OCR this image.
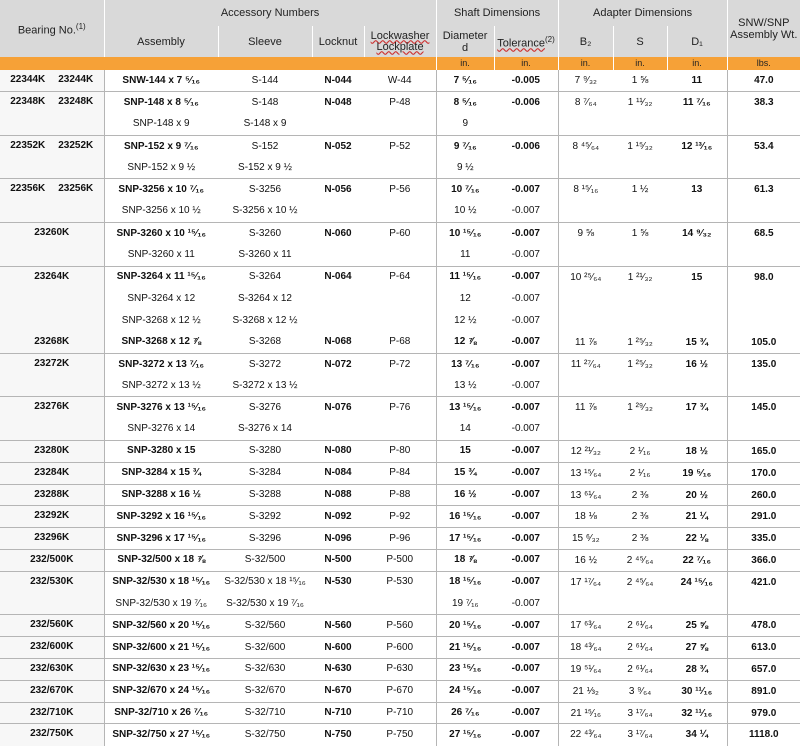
Bearing No.$^{(1)}$	Accessory Numbers				Shaft Dimensions		Adapter Dimensions			SNW/SNP Assembly Wt.
	Assembly	Sleeve	Locknut	Lockwasher Lockplate	Diameter d	Tolerance$^{(2)}$	B₂	S	D₁	
					in.	in.	in.	in.	in.	lbs.
22344K 23244K	SNW-144 x 7 ⁵⁄₁₆	S-144	N-044	W-44	7 ⁵⁄₁₆	-0.005	7 ⁹⁄₃₂	1 ⅝	11	47.0
22348K 23248K	SNP-148 x 8 ⁵⁄₁₆	S-148	N-048	P-48	8 ⁵⁄₁₆	-0.006	8 ⁷⁄₆₄	1 ¹¹⁄₃₂	11 ⁷⁄₁₆	38.3
	SNP-148 x 9	S-148 x 9			9					
22352K 23252K	SNP-152 x 9 ⁷⁄₁₆	S-152	N-052	P-52	9 ⁷⁄₁₆	-0.006	8 ⁴⁵⁄₆₄	1 ¹⁵⁄₃₂	12 ¹³⁄₁₆	53.4
	SNP-152 x 9 ½	S-152 x 9 ½			9 ½					
22356K 23256K	SNP-3256 x 10 ⁷⁄₁₆	S-3256	N-056	P-56	10 ⁷⁄₁₆	-0.007	8 ¹⁵⁄₁₆	1 ½	13	61.3
	SNP-3256 x 10 ½	S-3256 x 10 ½			10 ½	-0.007				
23260K	SNP-3260 x 10 ¹⁵⁄₁₆	S-3260	N-060	P-60	10 ¹⁵⁄₁₆	-0.007	9 ⅝	1 ⅝	14 ⁹⁄₃₂	68.5
	SNP-3260 x 11	S-3260 x 11			11	-0.007				
23264K	SNP-3264 x 11 ¹⁵⁄₁₆	S-3264	N-064	P-64	11 ¹⁵⁄₁₆	-0.007	10 ²⁵⁄₆₄	1 ²¹⁄₃₂	15	98.0
	SNP-3264 x 12	S-3264 x 12			12	-0.007				
	SNP-3268 x 12 ½	S-3268 x 12 ½			12 ½	-0.007				
23268K	SNP-3268 x 12 ⅞	S-3268	N-068	P-68	12 ⅞	-0.007	11 ⅞	1 ²⁵⁄₃₂	15 ¾	105.0
23272K	SNP-3272 x 13 ⁷⁄₁₆	S-3272	N-072	P-72	13 ⁷⁄₁₆	-0.007	11 ²⁷⁄₆₄	1 ²⁵⁄₃₂	16 ½	135.0
	SNP-3272 x 13 ½	S-3272 x 13 ½			13 ½	-0.007				
23276K	SNP-3276 x 13 ¹⁵⁄₁₆	S-3276	N-076	P-76	13 ¹⁵⁄₁₆	-0.007	11 ⅞	1 ²⁹⁄₃₂	17 ¾	145.0
	SNP-3276 x 14	S-3276 x 14			14	-0.007				
23280K	SNP-3280 x 15	S-3280	N-080	P-80	15	-0.007	12 ²¹⁄₃₂	2 ¹⁄₁₆	18 ½	165.0
23284K	SNP-3284 x 15 ¾	S-3284	N-084	P-84	15 ¾	-0.007	13 ¹⁵⁄₆₄	2 ¹⁄₁₆	19 ⁵⁄₁₆	170.0
23288K	SNP-3288 x 16 ½	S-3288	N-088	P-88	16 ½	-0.007	13 ⁶¹⁄₆₄	2 ⅜	20 ½	260.0
23292K	SNP-3292 x 16 ¹⁵⁄₁₆	S-3292	N-092	P-92	16 ¹⁵⁄₁₆	-0.007	18 ⅛	2 ⅜	21 ¼	291.0
23296K	SNP-3296 x 17 ¹⁵⁄₁₆	S-3296	N-096	P-96	17 ¹⁵⁄₁₆	-0.007	15 ⁶⁄₃₂	2 ⅜	22 ⅛	335.0
232/500K	SNP-32/500 x 18 ⅞	S-32/500	N-500	P-500	18 ⅞	-0.007	16 ½	2 ⁴⁵⁄₆₄	22 ⁷⁄₁₆	366.0
232/530K	SNP-32/530 x 18 ¹⁵⁄₁₆	S-32/530 x 18 ¹⁵⁄₁₆	N-530	P-530	18 ¹⁵⁄₁₆	-0.007	17 ¹⁷⁄₆₄	2 ⁴⁵⁄₆₄	24 ¹⁵⁄₁₆	421.0
	SNP-32/530 x 19 ⁷⁄₁₆	S-32/530 x 19 ⁷⁄₁₆			19 ⁷⁄₁₆	-0.007				
232/560K	SNP-32/560 x 20 ¹⁵⁄₁₆	S-32/560	N-560	P-560	20 ¹⁵⁄₁₆	-0.007	17 ⁶³⁄₆₄	2 ⁶¹⁄₆₄	25 ⅝	478.0
232/600K	SNP-32/600 x 21 ¹⁵⁄₁₆	S-32/600	N-600	P-600	21 ¹⁵⁄₁₆	-0.007	18 ⁴³⁄₆₄	2 ⁶¹⁄₆₄	27 ⅝	613.0
232/630K	SNP-32/630 x 23 ¹⁵⁄₁₆	S-32/630	N-630	P-630	23 ¹⁵⁄₁₆	-0.007	19 ⁵¹⁄₆₄	2 ⁶¹⁄₆₄	28 ¾	657.0
232/670K	SNP-32/670 x 24 ¹⁵⁄₁₆	S-32/670	N-670	P-670	24 ¹⁵⁄₁₆	-0.007	21 ⅓₂	3 ⁹⁄₆₄	30 ¹¹⁄₁₆	891.0
232/710K	SNP-32/710 x 26 ⁷⁄₁₆	S-32/710	N-710	P-710	26 ⁷⁄₁₆	-0.007	21 ¹⁵⁄₁₆	3 ¹⁷⁄₆₄	32 ¹¹⁄₁₆	979.0
232/750K	SNP-32/750 x 27 ¹⁵⁄₁₆	S-32/750	N-750	P-750	27 ¹⁵⁄₁₆	-0.007	22 ⁴³⁄₆₄	3 ¹⁷⁄₆₄	34 ¼	1118.0
